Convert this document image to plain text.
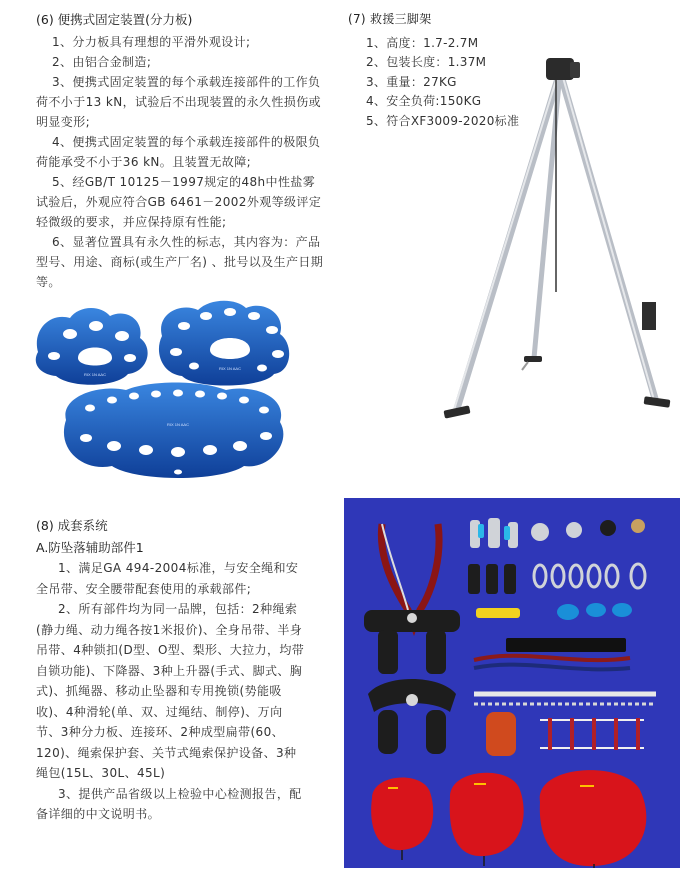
(6) 便携式固定装置(分力板)

1、分力板具有理想的平滑外观设计;

2、由铝合金制造;

3、便携式固定装置的每个承载连接部件的工作负荷不小于13 kN，试验后不出现装置的永久性损伤或明显变形;

4、便携式固定装置的每个承载连接部件的极限负荷能承受不小于36 kN。且装置无故障;

5、经GB/T 10125－1997规定的48h中性盐雾试验后，外观应符合GB 6461－2002外观等级评定轻微级的要求，并应保持原有性能;

6、显著位置具有永久性的标志，其内容为：产品型号、用途、商标(或生产厂名) 、批号以及生产日期等。

(7) 救援三脚架
1、高度：1.7-2.7M
2、包装长度：1.37M
3、重量：27KG
4、安全负荷:150KG
5、符合XF3009-2020标准
RIX 1N AAC
RIX 1N AAC
RIX 1N AAC
(8) 成套系统
A.防坠落辅助部件1

1、满足GA 494-2004标准，与安全绳和安全吊带、安全腰带配套使用的承载部件;

2、所有部件均为同一品牌，包括：2种绳索(静力绳、动力绳各按1米报价)、全身吊带、半身吊带、4种锁扣(D型、O型、梨形、大拉力，均带自锁功能)、下降器、3种上升器(手式、脚式、胸式)、抓绳器、移动止坠器和专用挽锁(势能吸收)、4种滑轮(单、双、过绳结、制停)、万向节、3种分力板、连接环、2种成型扁带(60、120)、绳索保护套、关节式绳索保护设备、3种绳包(15L、30L、45L)

3、提供产品省级以上检验中心检测报告，配备详细的中文说明书。
